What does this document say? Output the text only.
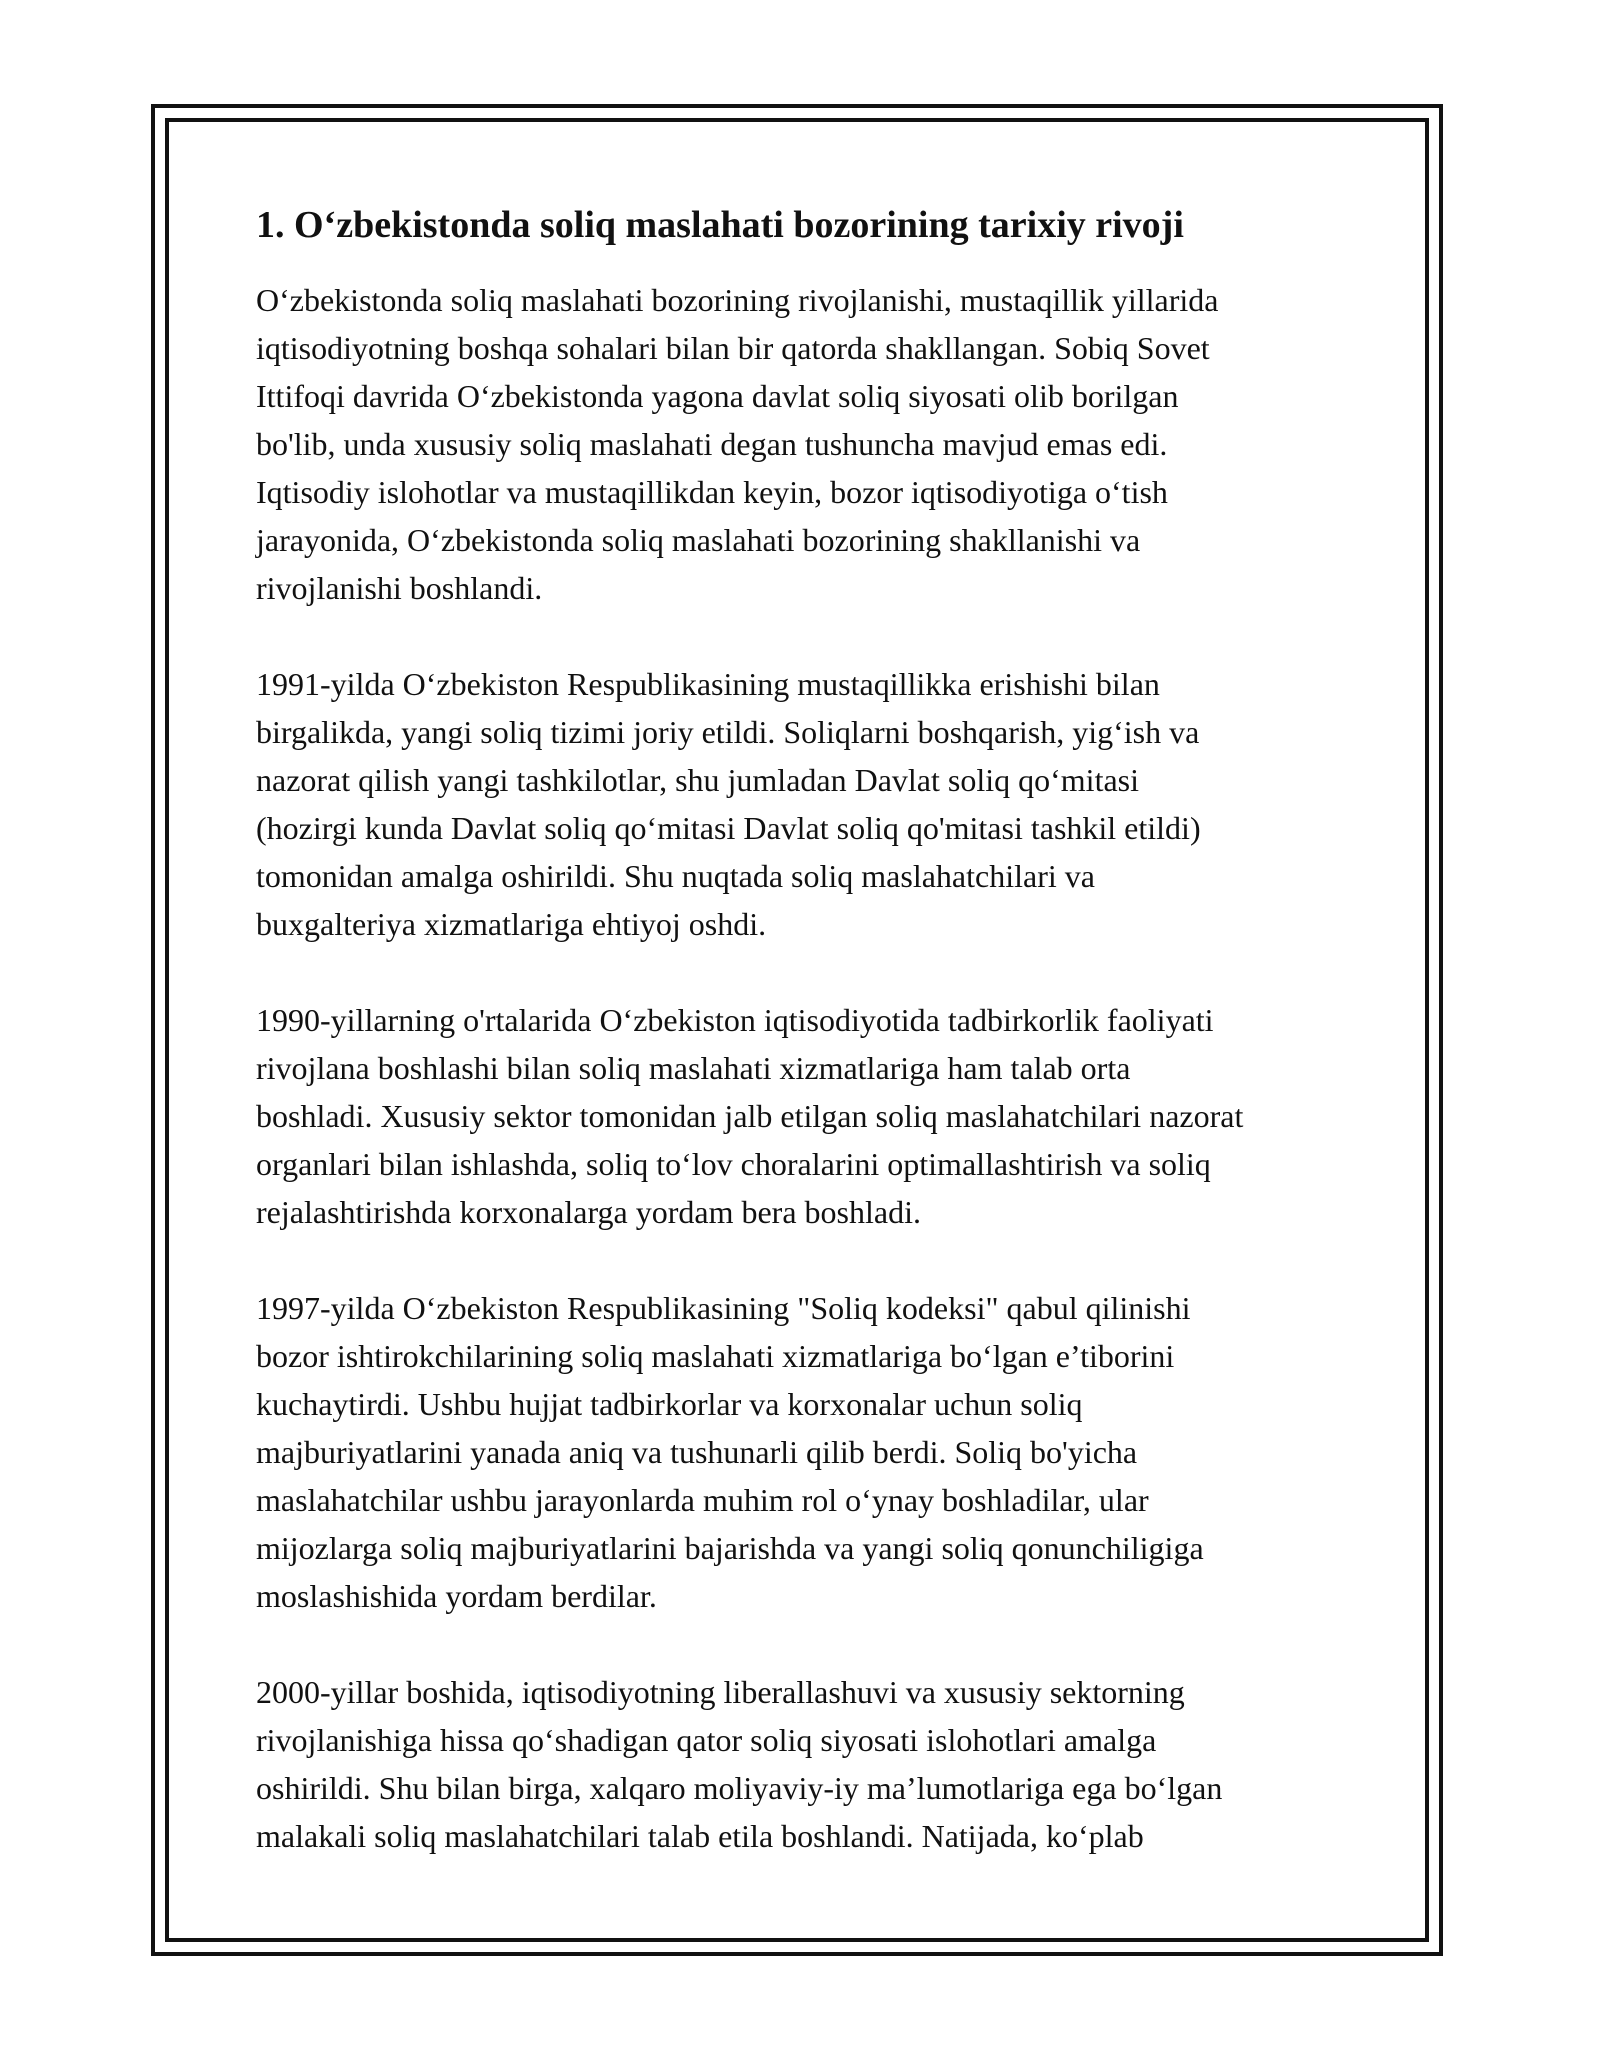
1. O‘zbekistonda soliq maslahati bozorining tarixiy rivoji

O‘zbekistonda soliq maslahati bozorining rivojlanishi, mustaqillik yillarida
iqtisodiyotning boshqa sohalari bilan bir qatorda shakllangan. Sobiq Sovet
Ittifoqi davrida O‘zbekistonda yagona davlat soliq siyosati olib borilgan
bo'lib, unda xususiy soliq maslahati degan tushuncha mavjud emas edi.
Iqtisodiy islohotlar va mustaqillikdan keyin, bozor iqtisodiyotiga o‘tish
jarayonida, O‘zbekistonda soliq maslahati bozorining shakllanishi va
rivojlanishi boshlandi.

1991-yilda O‘zbekiston Respublikasining mustaqillikka erishishi bilan
birgalikda, yangi soliq tizimi joriy etildi. Soliqlarni boshqarish, yig‘ish va
nazorat qilish yangi tashkilotlar, shu jumladan Davlat soliq qo‘mitasi
(hozirgi kunda Davlat soliq qo‘mitasi Davlat soliq qo'mitasi tashkil etildi)
tomonidan amalga oshirildi. Shu nuqtada soliq maslahatchilari va
buxgalteriya xizmatlariga ehtiyoj oshdi.

1990-yillarning o'rtalarida O‘zbekiston iqtisodiyotida tadbirkorlik faoliyati
rivojlana boshlashi bilan soliq maslahati xizmatlariga ham talab orta
boshladi. Xususiy sektor tomonidan jalb etilgan soliq maslahatchilari nazorat
organlari bilan ishlashda, soliq to‘lov choralarini optimallashtirish va soliq
rejalashtirishda korxonalarga yordam bera boshladi.

1997-yilda O‘zbekiston Respublikasining "Soliq kodeksi" qabul qilinishi
bozor ishtirokchilarining soliq maslahati xizmatlariga bo‘lgan e’tiborini
kuchaytirdi. Ushbu hujjat tadbirkorlar va korxonalar uchun soliq
majburiyatlarini yanada aniq va tushunarli qilib berdi. Soliq bo'yicha
maslahatchilar ushbu jarayonlarda muhim rol o‘ynay boshladilar, ular
mijozlarga soliq majburiyatlarini bajarishda va yangi soliq qonunchiligiga
moslashishida yordam berdilar.

2000-yillar boshida, iqtisodiyotning liberallashuvi va xususiy sektorning
rivojlanishiga hissa qo‘shadigan qator soliq siyosati islohotlari amalga
oshirildi. Shu bilan birga, xalqaro moliyaviy-iy ma’lumotlariga ega bo‘lgan
malakali soliq maslahatchilari talab etila boshlandi. Natijada, ko‘plab
